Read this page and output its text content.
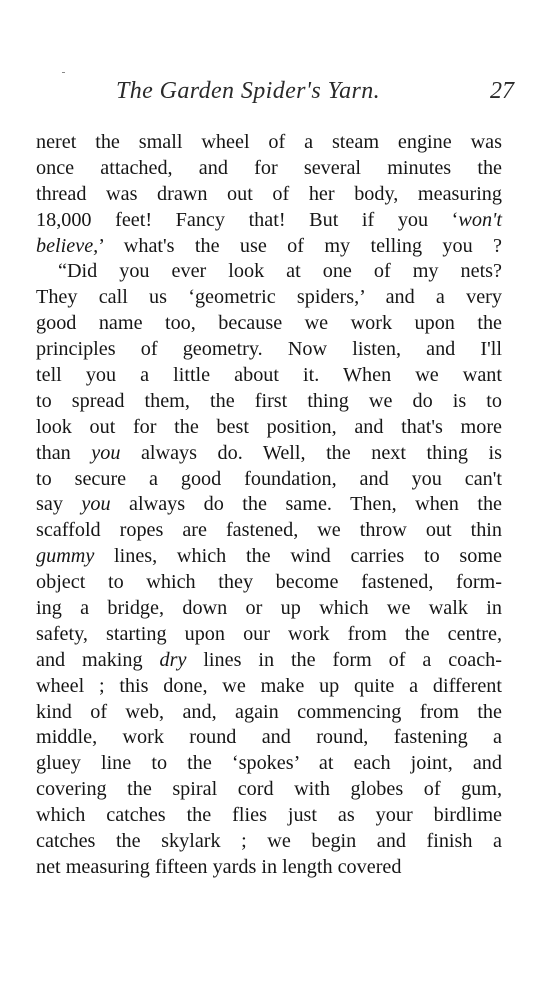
The Garden Spider's Yarn.	27
neret the small wheel of a steam engine was
once attached, and for several minutes the
thread was drawn out of her body, measuring
18,000 feet! Fancy that! But if you ‘won't
believe,’ what's the use of my telling you ?
“Did you ever look at one of my nets?
They call us ‘geometric spiders,’ and a very
good name too, because we work upon the
principles of geometry. Now listen, and I'll
tell you a little about it. When we want
to spread them, the first thing we do is to
look out for the best position, and that's more
than you always do. Well, the next thing is
to secure a good foundation, and you can't
say you always do the same. Then, when the
scaffold ropes are fastened, we throw out thin
gummy lines, which the wind carries to some
object to which they become fastened, form-
ing a bridge, down or up which we walk in
safety, starting upon our work from the centre,
and making dry lines in the form of a coach-
wheel ; this done, we make up quite a different
kind of web, and, again commencing from the
middle, work round and round, fastening a
gluey line to the ‘spokes’ at each joint, and
covering the spiral cord with globes of gum,
which catches the flies just as your birdlime
catches the skylark ; we begin and finish a
net measuring fifteen yards in length covered
